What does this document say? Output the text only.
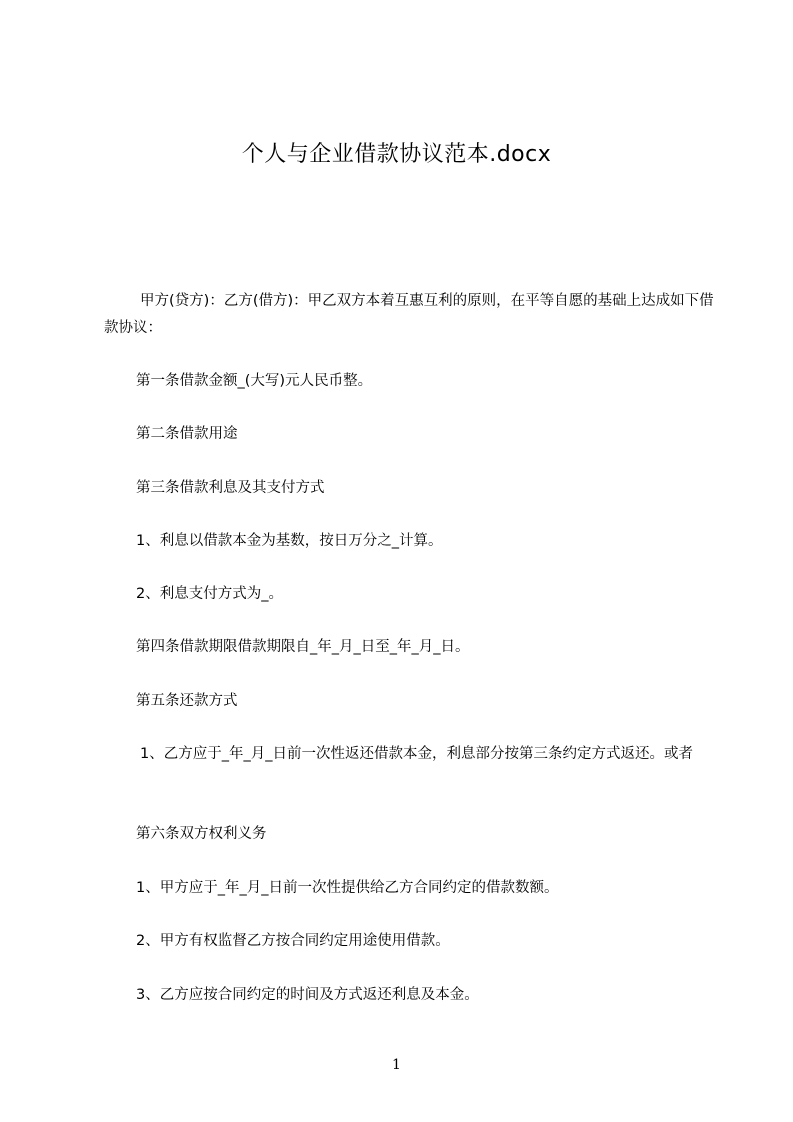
个人与企业借款协议范本.docx
甲方(贷方)：乙方(借方)：甲乙双方本着互惠互利的原则，在平等自愿的基础上达成如下借款协议：
第一条借款金额_(大写)元人民币整。
第二条借款用途
第三条借款利息及其支付方式
1、利息以借款本金为基数，按日万分之_计算。
2、利息支付方式为_。
第四条借款期限借款期限自_年_月_日至_年_月_日。
第五条还款方式
1、乙方应于_年_月_日前一次性返还借款本金，利息部分按第三条约定方式返还。或者
第六条双方权利义务
1、甲方应于_年_月_日前一次性提供给乙方合同约定的借款数额。
2、甲方有权监督乙方按合同约定用途使用借款。
3、乙方应按合同约定的时间及方式返还利息及本金。
1
